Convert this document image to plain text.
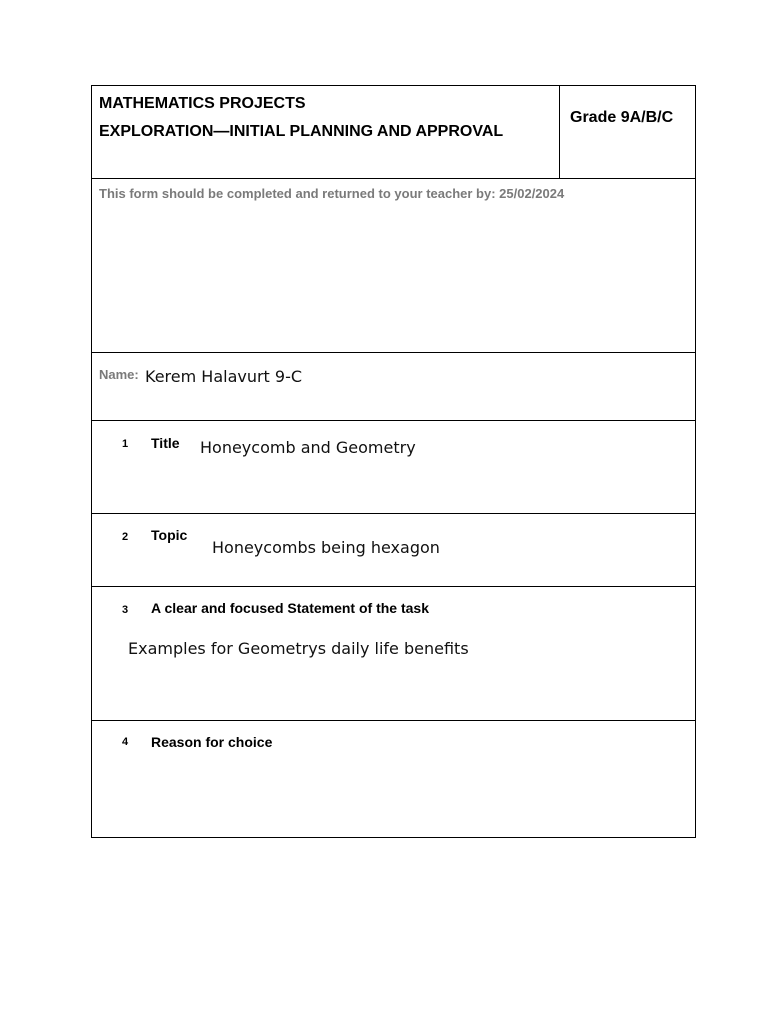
MATHEMATICS PROJECTS
EXPLORATION—INITIAL PLANNING AND APPROVAL
Grade 9A/B/C
This form should be completed and returned to your teacher by: 25/02/2024
Name: Kerem Halavurt 9-C
1 Title Honeycomb and Geometry
2 Topic
Honeycombs being hexagon
3 A clear and focused Statement of the task
Examples for Geometrys daily life benefits
4 Reason for choice
